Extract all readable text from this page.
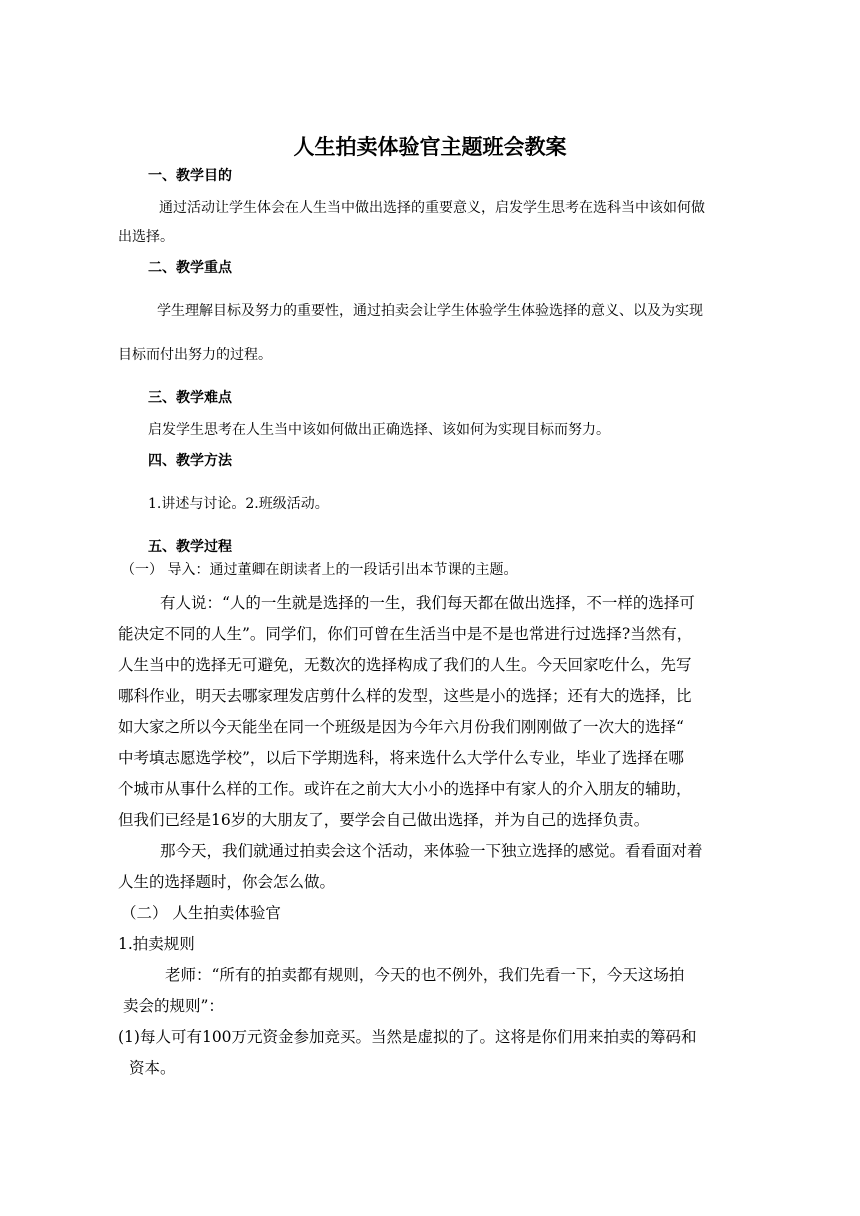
人生拍卖体验官主题班会教案
一、教学目的
通过活动让学生体会在人生当中做出选择的重要意义，启发学生思考在选科当中该如何做
出选择。
二、教学重点
学生理解目标及努力的重要性，通过拍卖会让学生体验学生体验选择的意义、以及为实现
目标而付出努力的过程。
三、教学难点
启发学生思考在人生当中该如何做出正确选择、该如何为实现目标而努力。
四、教学方法
1.讲述与讨论。2.班级活动。
五、教学过程
（一） 导入：通过董卿在朗读者上的一段话引出本节课的主题。
有人说：“人的一生就是选择的一生，我们每天都在做出选择，不一样的选择可
能决定不同的人生”。同学们，你们可曾在生活当中是不是也常进行过选择?当然有，
人生当中的选择无可避免，无数次的选择构成了我们的人生。今天回家吃什么，先写
哪科作业，明天去哪家理发店剪什么样的发型，这些是小的选择；还有大的选择，比
如大家之所以今天能坐在同一个班级是因为今年六月份我们刚刚做了一次大的选择“
中考填志愿选学校”，以后下学期选科，将来选什么大学什么专业，毕业了选择在哪
个城市从事什么样的工作。或许在之前大大小小的选择中有家人的介入朋友的辅助，
但我们已经是16岁的大朋友了，要学会自己做出选择，并为自己的选择负责。
那今天，我们就通过拍卖会这个活动，来体验一下独立选择的感觉。看看面对着
人生的选择题时，你会怎么做。
（二） 人生拍卖体验官
1.拍卖规则
老师：“所有的拍卖都有规则，今天的也不例外，我们先看一下，今天这场拍
卖会的规则”：
(1)每人可有100万元资金参加竞买。当然是虚拟的了。这将是你们用来拍卖的筹码和
资本。
